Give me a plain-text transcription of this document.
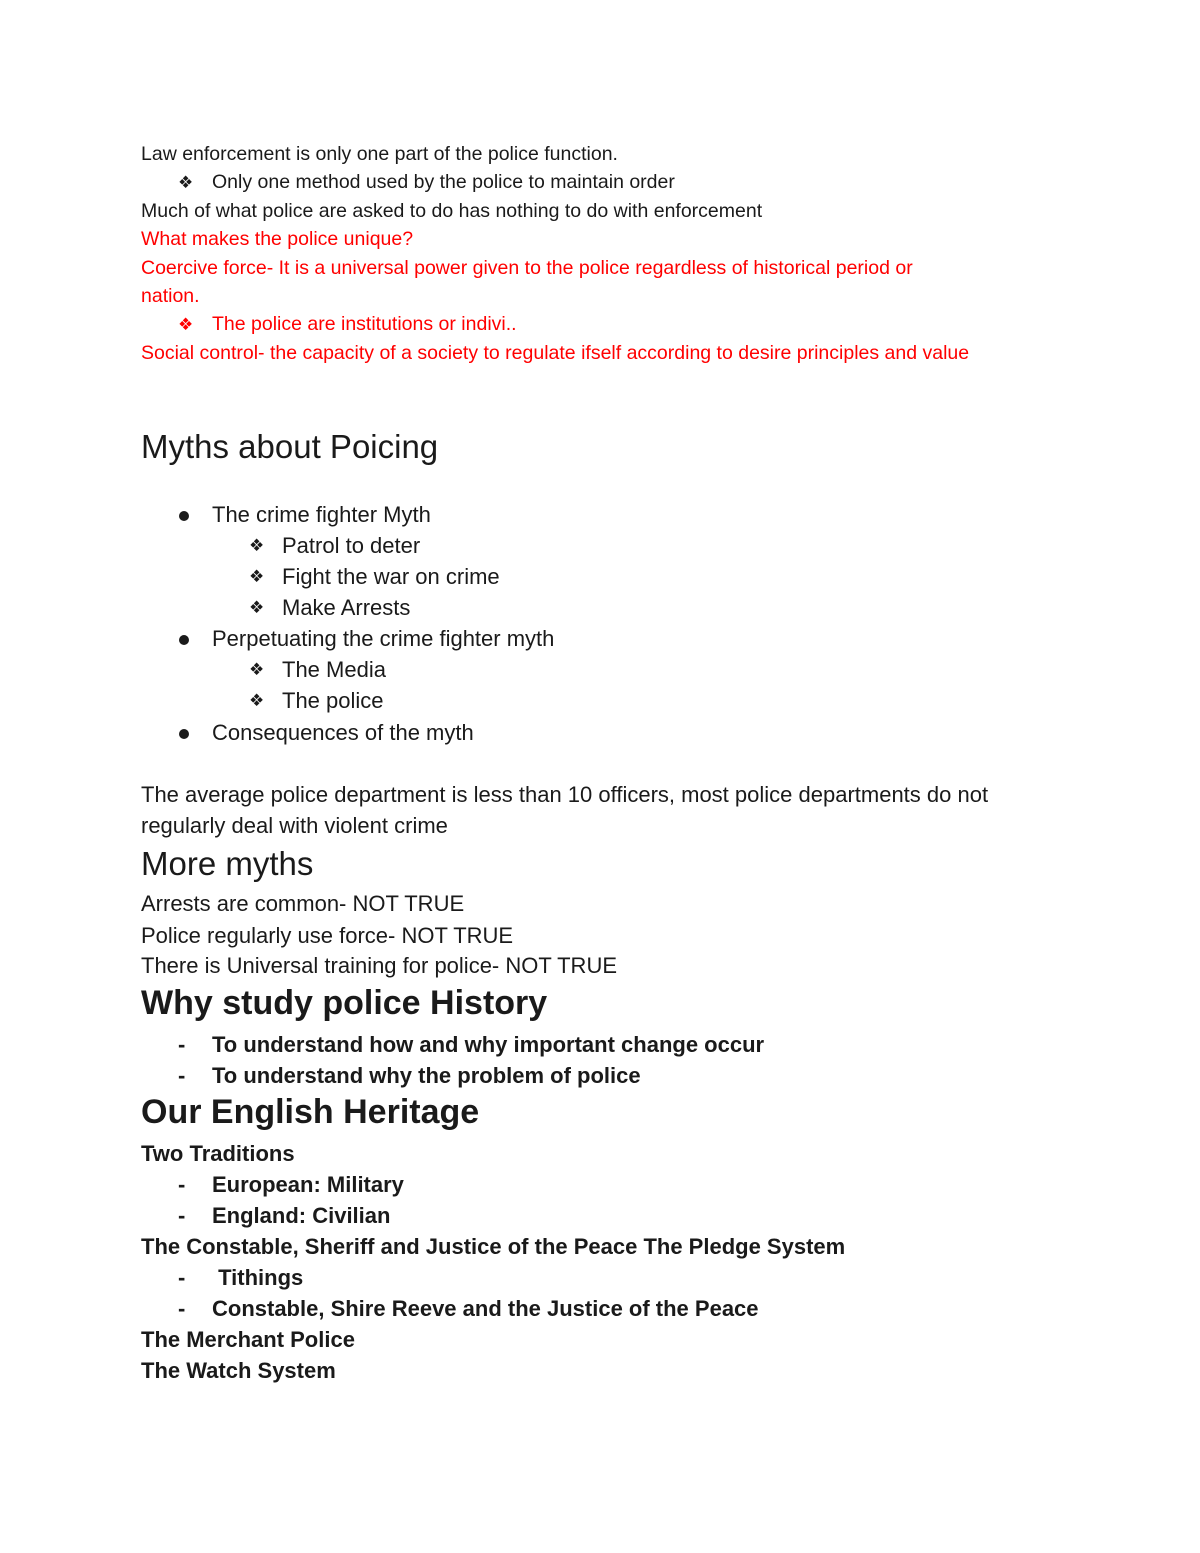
Law enforcement is only one part of the police function.
❖ Only one method used by the police to maintain order
Much of what police are asked to do has nothing to do with enforcement
What makes the police unique?
Coercive force- It is a universal power given to the police regardless of historical period or
nation.
❖ The police are institutions or indivi..
Social control- the capacity of a society to regulate ifself according to desire principles and value
Myths about Poicing
The crime fighter Myth
❖ Patrol to deter
❖ Fight the war on crime
❖ Make Arrests
Perpetuating the crime fighter myth
❖ The Media
❖ The police
Consequences of the myth
The average police department is less than 10 officers, most police departments do not
regularly deal with violent crime
More myths
Arrests are common- NOT TRUE
Police regularly use force- NOT TRUE
There is Universal training for police- NOT TRUE
Why study police History
- To understand how and why important change occur
- To understand why the problem of police
Our English Heritage
Two Traditions
- European: Military
- England: Civilian
The Constable, Sheriff and Justice of the Peace The Pledge System
- Tithings
- Constable, Shire Reeve and the Justice of the Peace
The Merchant Police
The Watch System
